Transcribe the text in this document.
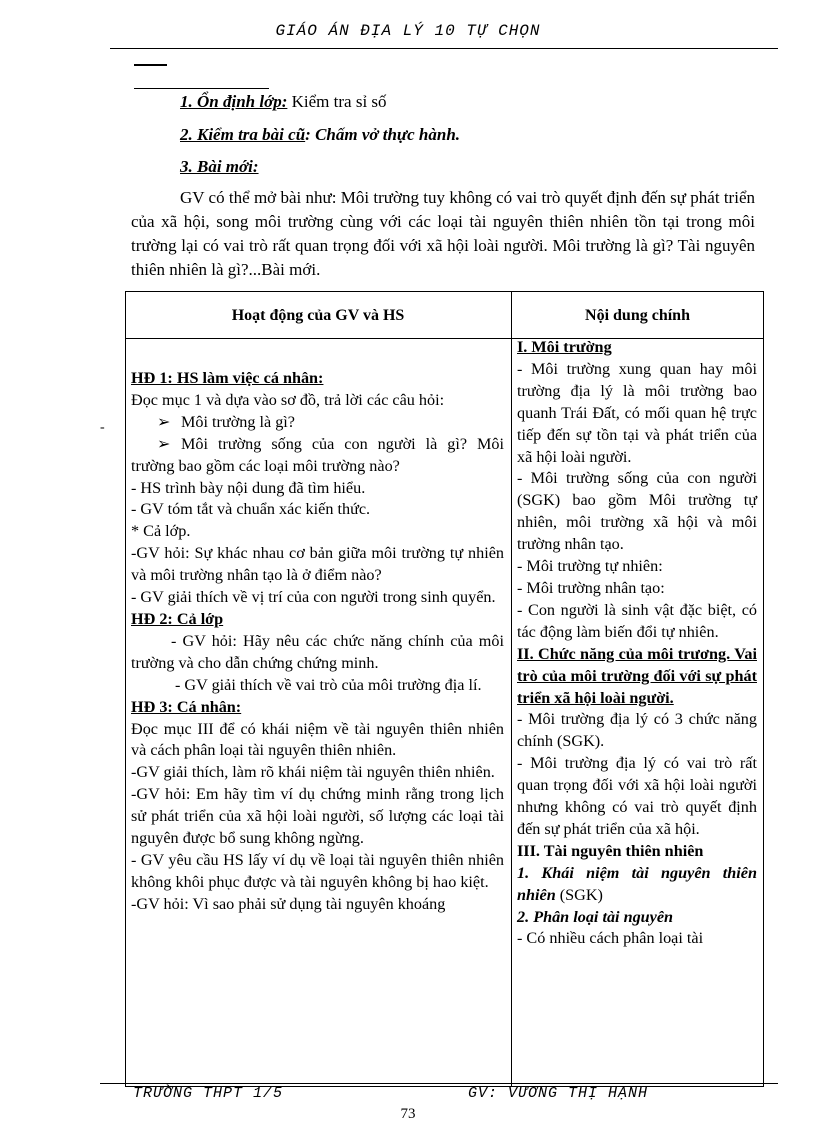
GIÁO ÁN ĐỊA LÝ 10 TỰ CHỌN
1. Ổn định lớp: Kiểm tra sỉ số
2. Kiểm tra bài cũ: Chấm vở thực hành.
3. Bài mới:
GV có thể mở bài như: Môi trường tuy không có vai trò quyết định đến sự phát triển của xã hội, song môi trường cùng với các loại tài nguyên thiên nhiên tồn tại trong môi trường lại có vai trò rất quan trọng đối với xã hội loài người. Môi trường là gì? Tài nguyên thiên nhiên là gì?...Bài mới.
Hoạt động của GV và HS	Nội dung chính
-

HĐ 1: HS làm việc cá nhân:

Đọc mục 1 và dựa vào sơ đồ, trả lời các câu hỏi:

➢ Môi trường là gì?

➢ Môi trường sống của con người là gì? Môi trường bao gồm các loại môi trường nào?

- HS trình bày nội dung đã tìm hiểu.

- GV tóm tắt và chuẩn xác kiến thức.

* Cả lớp.

-GV hỏi: Sự khác nhau cơ bản giữa môi trường tự nhiên và môi trường nhân tạo là ở điểm nào?

- GV giải thích về vị trí của con người trong sinh quyển.

HĐ 2: Cả lớp

- GV hỏi: Hãy nêu các chức năng chính của môi trường và cho dẫn chứng chứng minh.

- GV giải thích về vai trò của môi trường địa lí.

HĐ 3: Cá nhân:

Đọc mục III để có khái niệm về tài nguyên thiên nhiên và cách phân loại tài nguyên thiên nhiên.

-GV giải thích, làm rõ khái niệm tài nguyên thiên nhiên.

-GV hỏi: Em hãy tìm ví dụ chứng minh rằng trong lịch sử phát triển của xã hội loài người, số lượng các loại tài nguyên được bổ sung không ngừng.

- GV yêu cầu HS lấy ví dụ về loại tài nguyên thiên nhiên không khôi phục được và tài nguyên không bị hao kiệt.

-GV hỏi: Vì sao phải sử dụng tài nguyên khoáng

I. Môi trường

- Môi trường xung quan hay môi trường địa lý là môi trường bao quanh Trái Đất, có mối quan hệ trực tiếp đến sự tồn tại và phát triển của xã hội loài người.

- Môi trường sống của con người (SGK) bao gồm Môi trường tự nhiên, môi trường xã hội và môi trường nhân tạo.

- Môi trường tự nhiên:

- Môi trường nhân tạo:

- Con người là sinh vật đặc biệt, có tác động làm biến đổi tự nhiên.

II. Chức năng của môi trương. Vai trò của môi trường đối với sự phát triển xã hội loài người.

- Môi trường địa lý có 3 chức năng chính (SGK).

- Môi trường địa lý có vai trò rất quan trọng đối với xã hội loài người nhưng không có vai trò quyết định đến sự phát triển của xã hội.

III. Tài nguyên thiên nhiên

1. Khái niệm tài nguyên thiên nhiên (SGK)

2. Phân loại tài nguyên

- Có nhiều cách phân loại tài

TRƯỜNG THPT 1/5	GV: VƯƠNG THỊ HẠNH
73
